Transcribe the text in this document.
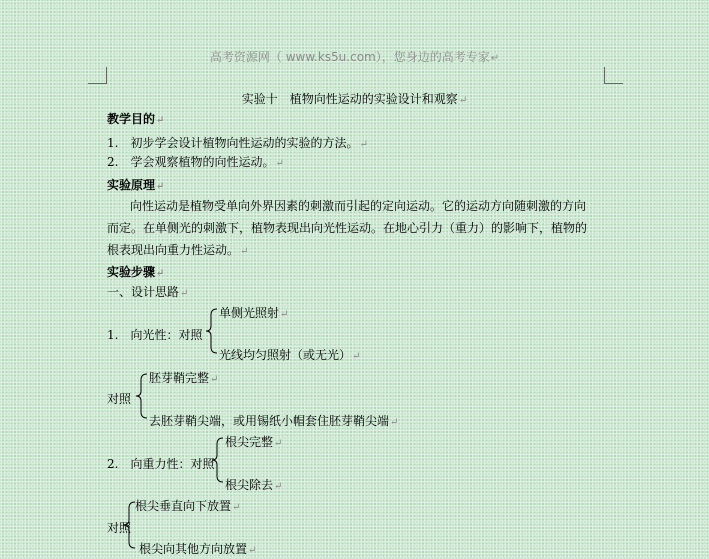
高考资源网（ www.ks5u.com），您身边的高考专家↵
实验十　植物向性运动的实验设计和观察↵
教学目的↵
1.　初步学会设计植物向性运动的实验的方法。↵
2.　学会观察植物的向性运动。↵
实验原理↵
向性运动是植物受单向外界因素的刺激而引起的定向运动。它的运动方向随刺激的方向
而定。在单侧光的刺激下，植物表现出向光性运动。在地心引力（重力）的影响下，植物的
根表现出向重力性运动。↵
实验步骤↵
一、设计思路↵
单侧光照射↵
1.　向光性：对照
光线均匀照射（或无光）↵
胚芽鞘完整↵
对照
去胚芽鞘尖端，或用锡纸小帽套住胚芽鞘尖端↵
根尖完整↵
2.　向重力性：对照
根尖除去↵
根尖垂直向下放置↵
对照
根尖向其他方向放置↵
